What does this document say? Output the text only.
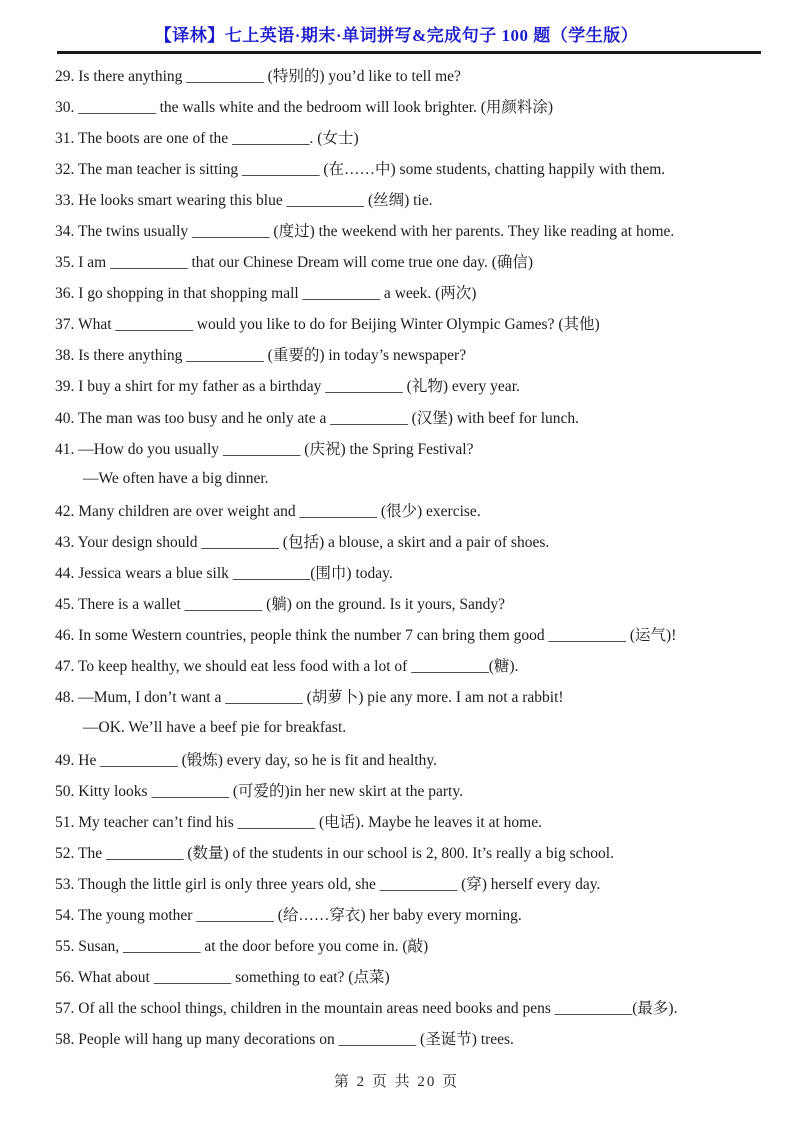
【译林】七上英语·期末·单词拼写&完成句子 100 题（学生版）
29. Is there anything __________ (特别的) you’d like to tell me?
30. __________ the walls white and the bedroom will look brighter. (用颜料涂)
31. The boots are one of the __________. (女士)
32. The man teacher is sitting __________ (在……中) some students, chatting happily with them.
33. He looks smart wearing this blue __________ (丝绸) tie.
34. The twins usually __________ (度过) the weekend with her parents. They like reading at home.
35. I am __________ that our Chinese Dream will come true one day. (确信)
36. I go shopping in that shopping mall __________ a week. (两次)
37. What __________ would you like to do for Beijing Winter Olympic Games? (其他)
38. Is there anything __________ (重要的) in today’s newspaper?
39. I buy a shirt for my father as a birthday __________ (礼物) every year.
40. The man was too busy and he only ate a __________ (汉堡) with beef for lunch.
41. —How do you usually __________ (庆祝) the Spring Festival?
—We often have a big dinner.
42. Many children are over weight and __________ (很少) exercise.
43. Your design should __________ (包括) a blouse, a skirt and a pair of shoes.
44. Jessica wears a blue silk __________(围巾) today.
45. There is a wallet __________ (躺) on the ground. Is it yours, Sandy?
46. In some Western countries, people think the number 7 can bring them good __________ (运气)!
47. To keep healthy, we should eat less food with a lot of __________(糖).
48. —Mum, I don’t want a __________ (胡萝卜) pie any more. I am not a rabbit!
—OK. We’ll have a beef pie for breakfast.
49. He __________ (锻炼) every day, so he is fit and healthy.
50. Kitty looks __________ (可爱的)in her new skirt at the party.
51. My teacher can’t find his __________ (电话). Maybe he leaves it at home.
52. The __________ (数量) of the students in our school is 2, 800. It’s really a big school.
53. Though the little girl is only three years old, she __________ (穿) herself every day.
54. The young mother __________ (给……穿衣) her baby every morning.
55. Susan, __________ at the door before you come in. (敲)
56. What about __________ something to eat? (点菜)
57. Of all the school things, children in the mountain areas need books and pens __________(最多).
58. People will hang up many decorations on __________ (圣诞节) trees.
第 2 页 共 20 页
